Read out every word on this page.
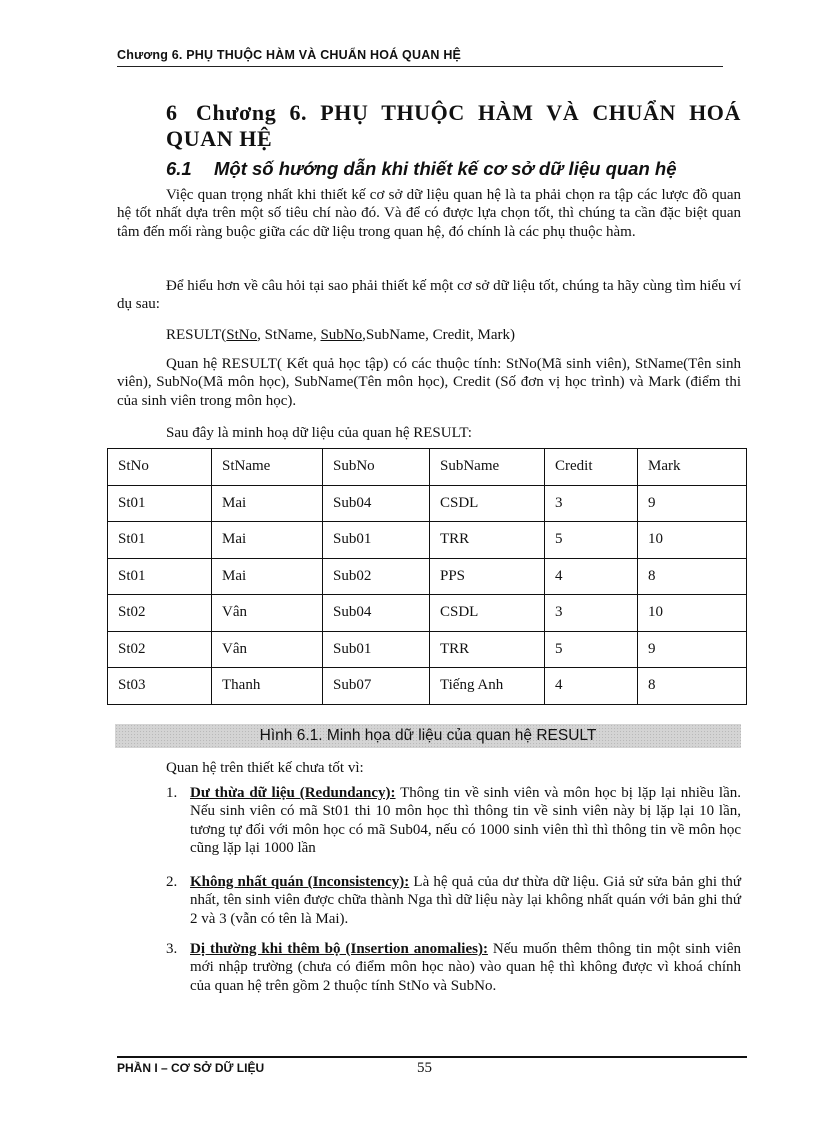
Chương 6. PHỤ THUỘC HÀM VÀ CHUẨN HOÁ QUAN HỆ
6 Chương 6. PHỤ THUỘC HÀM VÀ CHUẨN HOÁ QUAN HỆ
6.1 Một số hướng dẫn khi thiết kế cơ sở dữ liệu quan hệ

Việc quan trọng nhất khi thiết kế cơ sở dữ liệu quan hệ là ta phải chọn ra tập các lược đồ quan hệ tốt nhất dựa trên một số tiêu chí nào đó. Và để có được lựa chọn tốt, thì chúng ta cần đặc biệt quan tâm đến mối ràng buộc giữa các dữ liệu trong quan hệ, đó chính là các phụ thuộc hàm.

Để hiểu hơn về câu hỏi tại sao phải thiết kế một cơ sở dữ liệu tốt, chúng ta hãy cùng tìm hiểu ví dụ sau:

RESULT(StNo, StName, SubNo,SubName, Credit, Mark)

Quan hệ RESULT( Kết quả học tập) có các thuộc tính: StNo(Mã sinh viên), StName(Tên sinh viên), SubNo(Mã môn học), SubName(Tên môn học), Credit (Số đơn vị học trình) và Mark (điểm thi của sinh viên trong môn học).

Sau đây là minh hoạ dữ liệu của quan hệ RESULT:

StNo	StName	SubNo	SubName	Credit	Mark
St01	Mai	Sub04	CSDL	3	9
St01	Mai	Sub01	TRR	5	10
St01	Mai	Sub02	PPS	4	8
St02	Vân	Sub04	CSDL	3	10
St02	Vân	Sub01	TRR	5	9
St03	Thanh	Sub07	Tiếng Anh	4	8
Hình 6.1. Minh họa dữ liệu của quan hệ RESULT

Quan hệ trên thiết kế chưa tốt vì:

1. Dư thừa dữ liệu (Redundancy): Thông tin về sinh viên và môn học bị lặp lại nhiều lần. Nếu sinh viên có mã St01 thi 10 môn học thì thông tin về sinh viên này bị lặp lại 10 lần, tương tự đối với môn học có mã Sub04, nếu có 1000 sinh viên thì thì thông tin về môn học cũng lặp lại 1000 lần
2. Không nhất quán (Inconsistency): Là hệ quả của dư thừa dữ liệu. Giả sử sửa bản ghi thứ nhất, tên sinh viên được chữa thành Nga thì dữ liệu này lại không nhất quán với bản ghi thứ 2 và 3 (vẫn có tên là Mai).
3. Dị thường khi thêm bộ (Insertion anomalies): Nếu muốn thêm thông tin một sinh viên mới nhập trường (chưa có điểm môn học nào) vào quan hệ thì không được vì khoá chính của quan hệ trên gồm 2 thuộc tính StNo và SubNo.
PHẦN I – CƠ SỞ DỮ LIỆU	55
